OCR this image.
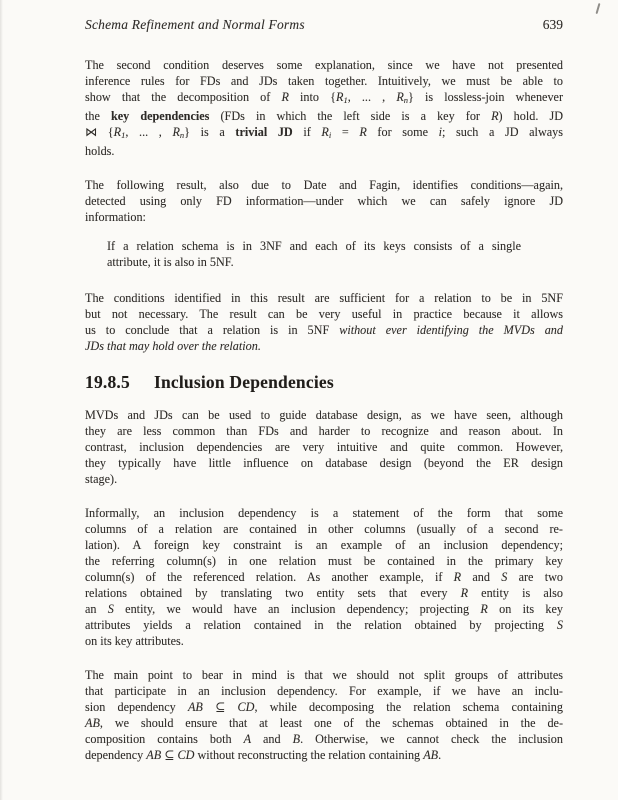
Schema Refinement and Normal Forms	639
The second condition deserves some explanation, since we have not presented
inference rules for FDs and JDs taken together. Intuitively, we must be able to
show that the decomposition of R into {R1, ... , Rn} is lossless-join whenever
the key dependencies (FDs in which the left side is a key for R) hold. JD
⋈ {R1, ... , Rn} is a trivial JD if Ri = R for some i; such a JD always
holds.
The following result, also due to Date and Fagin, identifies conditions—again,
detected using only FD information—under which we can safely ignore JD
information:
If a relation schema is in 3NF and each of its keys consists of a single
attribute, it is also in 5NF.
The conditions identified in this result are sufficient for a relation to be in 5NF
but not necessary. The result can be very useful in practice because it allows
us to conclude that a relation is in 5NF without ever identifying the MVDs and
JDs that may hold over the relation.
19.8.5 Inclusion Dependencies
MVDs and JDs can be used to guide database design, as we have seen, although
they are less common than FDs and harder to recognize and reason about. In
contrast, inclusion dependencies are very intuitive and quite common. However,
they typically have little influence on database design (beyond the ER design
stage).
Informally, an inclusion dependency is a statement of the form that some
columns of a relation are contained in other columns (usually of a second re-
lation). A foreign key constraint is an example of an inclusion dependency;
the referring column(s) in one relation must be contained in the primary key
column(s) of the referenced relation. As another example, if R and S are two
relations obtained by translating two entity sets that every R entity is also
an S entity, we would have an inclusion dependency; projecting R on its key
attributes yields a relation contained in the relation obtained by projecting S
on its key attributes.
The main point to bear in mind is that we should not split groups of attributes
that participate in an inclusion dependency. For example, if we have an inclu-
sion dependency AB ⊆ CD, while decomposing the relation schema containing
AB, we should ensure that at least one of the schemas obtained in the de-
composition contains both A and B. Otherwise, we cannot check the inclusion
dependency AB ⊆ CD without reconstructing the relation containing AB.
